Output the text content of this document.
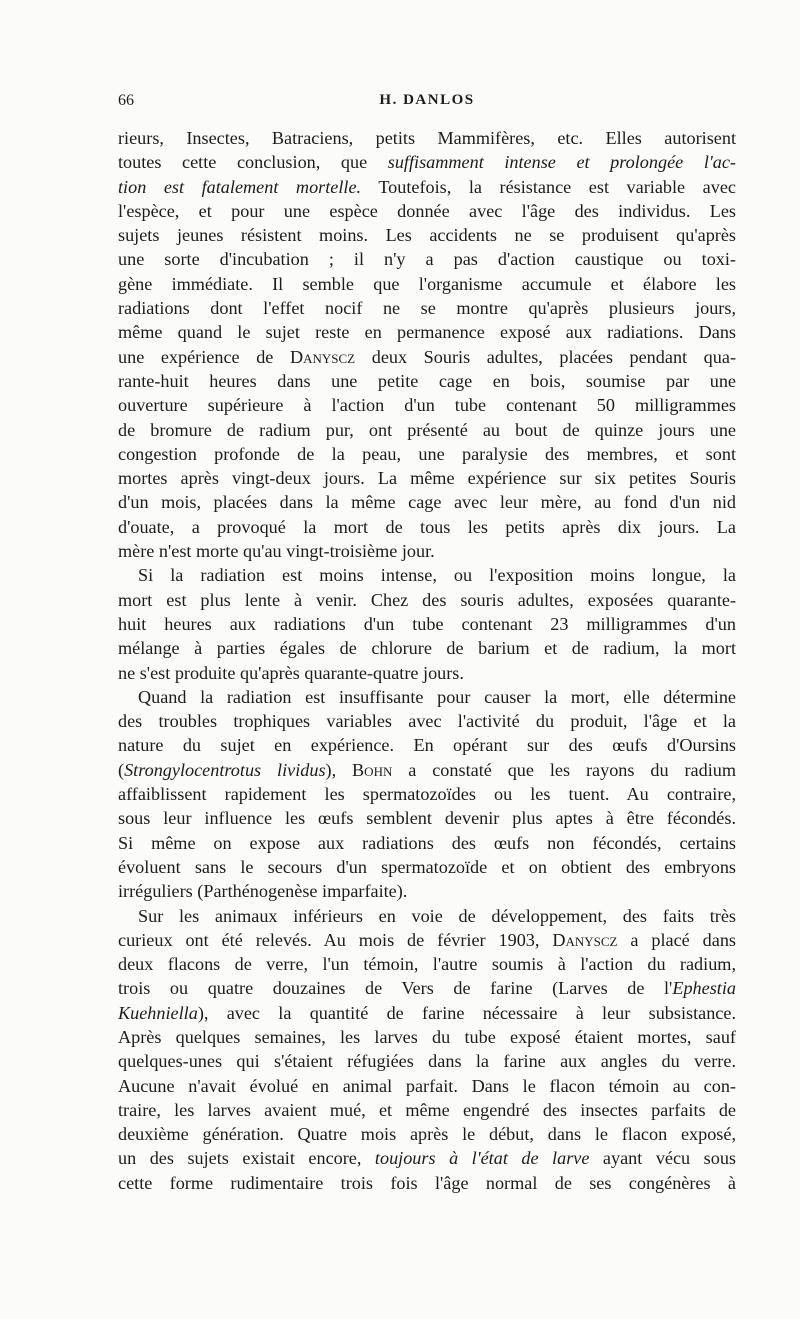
66	H. DANLOS
rieurs, Insectes, Batraciens, petits Mammifères, etc. Elles autorisent
toutes cette conclusion, que suffisamment intense et prolongée l'ac-
tion est fatalement mortelle. Toutefois, la résistance est variable avec
l'espèce, et pour une espèce donnée avec l'âge des individus. Les
sujets jeunes résistent moins. Les accidents ne se produisent qu'après
une sorte d'incubation ; il n'y a pas d'action caustique ou toxi-
gène immédiate. Il semble que l'organisme accumule et élabore les
radiations dont l'effet nocif ne se montre qu'après plusieurs jours,
même quand le sujet reste en permanence exposé aux radiations. Dans
une expérience de Danyscz deux Souris adultes, placées pendant qua-
rante-huit heures dans une petite cage en bois, soumise par une
ouverture supérieure à l'action d'un tube contenant 50 milligrammes
de bromure de radium pur, ont présenté au bout de quinze jours une
congestion profonde de la peau, une paralysie des membres, et sont
mortes après vingt-deux jours. La même expérience sur six petites Souris
d'un mois, placées dans la même cage avec leur mère, au fond d'un nid
d'ouate, a provoqué la mort de tous les petits après dix jours. La
mère n'est morte qu'au vingt-troisième jour.
Si la radiation est moins intense, ou l'exposition moins longue, la
mort est plus lente à venir. Chez des souris adultes, exposées quarante-
huit heures aux radiations d'un tube contenant 23 milligrammes d'un
mélange à parties égales de chlorure de barium et de radium, la mort
ne s'est produite qu'après quarante-quatre jours.
Quand la radiation est insuffisante pour causer la mort, elle détermine
des troubles trophiques variables avec l'activité du produit, l'âge et la
nature du sujet en expérience. En opérant sur des œufs d'Oursins
(Strongylocentrotus lividus), Bohn a constaté que les rayons du radium
affaiblissent rapidement les spermatozoïdes ou les tuent. Au contraire,
sous leur influence les œufs semblent devenir plus aptes à être fécondés.
Si même on expose aux radiations des œufs non fécondés, certains
évoluent sans le secours d'un spermatozoïde et on obtient des embryons
irréguliers (Parthénogenèse imparfaite).
Sur les animaux inférieurs en voie de développement, des faits très
curieux ont été relevés. Au mois de février 1903, Danyscz a placé dans
deux flacons de verre, l'un témoin, l'autre soumis à l'action du radium,
trois ou quatre douzaines de Vers de farine (Larves de l'Ephestia
Kuehniella), avec la quantité de farine nécessaire à leur subsistance.
Après quelques semaines, les larves du tube exposé étaient mortes, sauf
quelques-unes qui s'étaient réfugiées dans la farine aux angles du verre.
Aucune n'avait évolué en animal parfait. Dans le flacon témoin au con-
traire, les larves avaient mué, et même engendré des insectes parfaits de
deuxième génération. Quatre mois après le début, dans le flacon exposé,
un des sujets existait encore, toujours à l'état de larve ayant vécu sous
cette forme rudimentaire trois fois l'âge normal de ses congénères à
